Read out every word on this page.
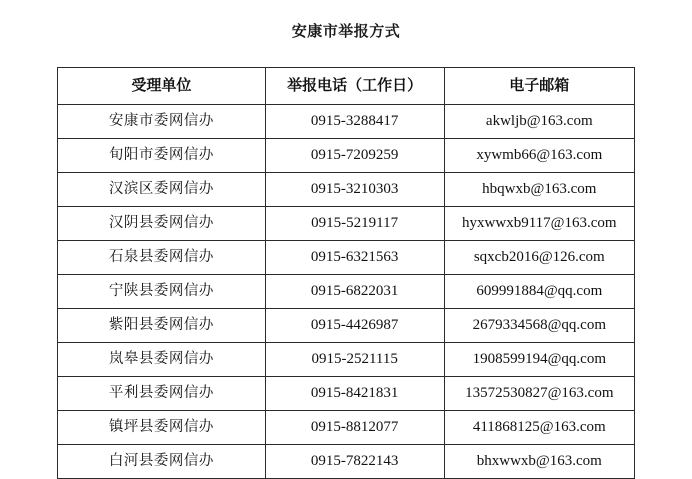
安康市举报方式
受理单位	举报电话（工作日）	电子邮箱
安康市委网信办	0915-3288417	akwljb@163.com
旬阳市委网信办	0915-7209259	xywmb66@163.com
汉滨区委网信办	0915-3210303	hbqwxb@163.com
汉阴县委网信办	0915-5219117	hyxwwxb9117@163.com
石泉县委网信办	0915-6321563	sqxcb2016@126.com
宁陕县委网信办	0915-6822031	609991884@qq.com
紫阳县委网信办	0915-4426987	2679334568@qq.com
岚皋县委网信办	0915-2521115	1908599194@qq.com
平利县委网信办	0915-8421831	13572530827@163.com
镇坪县委网信办	0915-8812077	411868125@163.com
白河县委网信办	0915-7822143	bhxwwxb@163.com
